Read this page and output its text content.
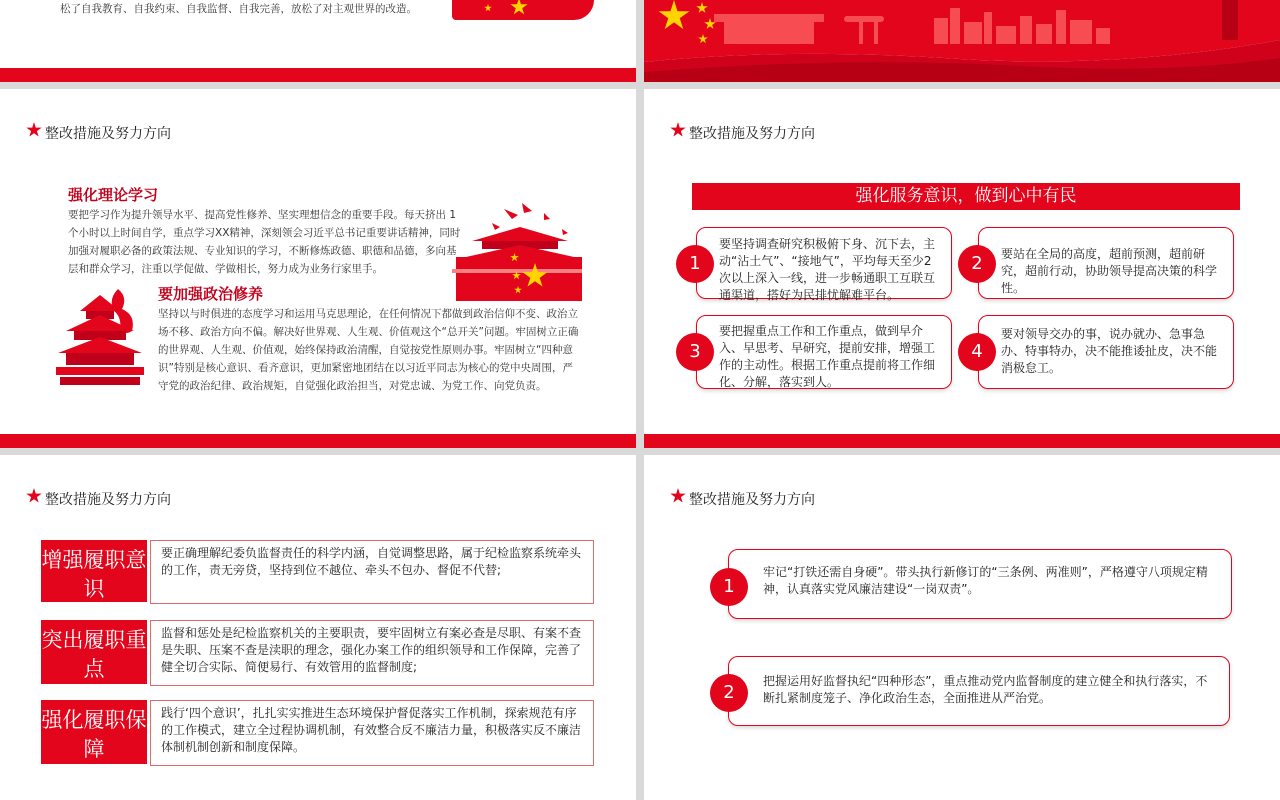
松了自我教育、自我约束、自我监督、自我完善，放松了对主观世界的改造。
整改措施及努力方向
强化理论学习
要把学习作为提升领导水平、提高党性修养、坚实理想信念的重要手段。每天挤出 1个小时以上时间自学，重点学习XX精神，深刻领会习近平总书记重要讲话精神，同时加强对履职必备的政策法规、专业知识的学习，不断修炼政德、职德和品德，多向基层和群众学习，注重以学促做、学做相长，努力成为业务行家里手。
要加强政治修养
坚持以与时俱进的态度学习和运用马克思理论，在任何情况下都做到政治信仰不变、政治立场不移、政治方向不偏。解决好世界观、人生观、价值观这个“总开关”问题。牢固树立正确的世界观、人生观、价值观，始终保持政治清醒，自觉按党性原则办事。牢固树立“四种意识”特别是核心意识、看齐意识，更加紧密地团结在以习近平同志为核心的党中央周围，严守党的政治纪律、政治规矩，自觉强化政治担当，对党忠诚、为党工作、向党负责。
整改措施及努力方向
强化服务意识，做到心中有民
要坚持调查研究积极俯下身、沉下去，主动“沾土气”、“接地气”，平均每天至少2次以上深入一线，进一步畅通职工互联互通渠道，搭好为民排忧解难平台。
1	要站在全局的高度，超前预测，超前研究，超前行动，协助领导提高决策的科学性。
2
要把握重点工作和工作重点，做到早介入、早思考、早研究，提前安排，增强工作的主动性。根据工作重点提前将工作细化、分解，落实到人。
3
要对领导交办的事，说办就办、急事急办、特事特办，决不能推诿扯皮，决不能消极怠工。
4
整改措施及努力方向
增强履职意识
要正确理解纪委负监督责任的科学内涵，自觉调整思路，属于纪检监察系统牵头的工作，责无旁贷，坚持到位不越位、牵头不包办、督促不代替;
突出履职重点
监督和惩处是纪检监察机关的主要职责，要牢固树立有案必查是尽职、有案不查是失职、压案不查是渎职的理念，强化办案工作的组织领导和工作保障，完善了健全切合实际、简便易行、有效管用的监督制度;
强化履职保障
践行‘四个意识’，扎扎实实推进生态环境保护督促落实工作机制，探索规范有序的工作模式，建立全过程协调机制，有效整合反不廉洁力量，积极落实反不廉洁体制机制创新和制度保障。
整改措施及努力方向
牢记“打铁还需自身硬”。带头执行新修订的“三条例、两准则”，严格遵守八项规定精神，认真落实党风廉洁建设“一岗双责”。
1
把握运用好监督执纪“四种形态”，重点推动党内监督制度的建立健全和执行落实，不断扎紧制度笼子、净化政治生态，全面推进从严治党。
2
